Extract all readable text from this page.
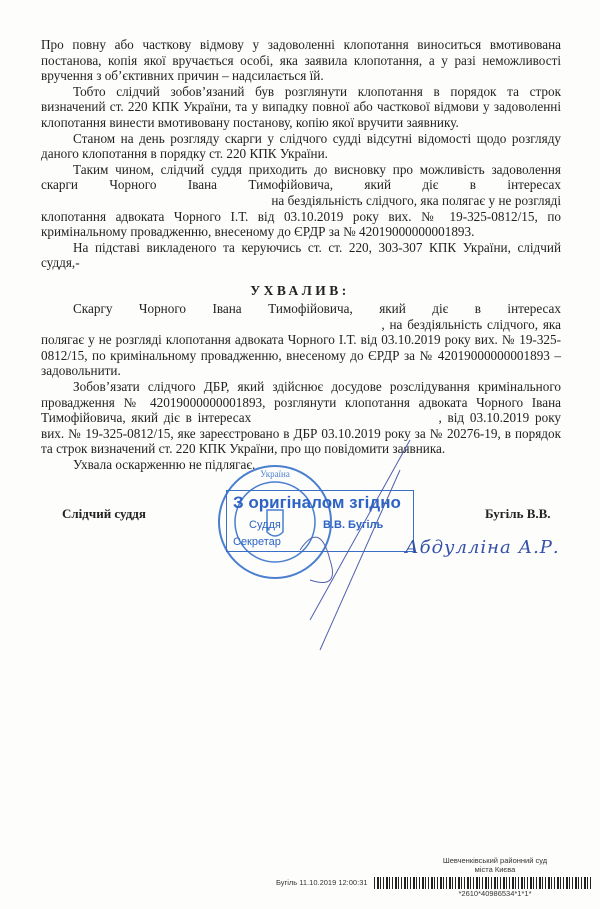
Про повну або часткову відмову у задоволенні клопотання виноситься вмотивована постанова, копія якої вручається особі, яка заявила клопотання, а у разі неможливості вручення з об’єктивних причин – надсилається їй.

Тобто слідчий зобов’язаний був розглянути клопотання в порядок та строк визначений ст. 220 КПК України, та у випадку повної або часткової відмови у задоволенні клопотання винести вмотивовану постанову, копію якої вручити заявнику.

Станом на день розгляду скарги у слідчого судді відсутні відомості щодо розгляду даного клопотання в порядку ст. 220 КПК України.

Таким чином, слідчий суддя приходить до висновку про можливість задоволення скарги Чорного Івана Тимофійовича, який діє в інтересах на бездіяльність слідчого, яка полягає у не розгляді клопотання адвоката Чорного І.Т. від 03.10.2019 року вих. № 19-325-0812/15, по кримінальному провадженню, внесеному до ЄРДР за № 42019000000001893.

На підставі викладеного та керуючись ст. ст. 220, 303-307 КПК України, слідчий суддя,-

УХВАЛИВ:

Скаргу Чорного Івана Тимофійовича, який діє в інтересах , на бездіяльність слідчого, яка полягає у не розгляді клопотання адвоката Чорного І.Т. від 03.10.2019 року вих. № 19-325-0812/15, по кримінальному провадженню, внесеному до ЄРДР за № 42019000000001893 – задовольнити.

Зобов’язати слідчого ДБР, який здійснює досудове розслідування кримінального провадження № 42019000000001893, розглянути клопотання адвоката Чорного Івана Тимофійовича, який діє в інтересах	, від 03.10.2019 року вих. № 19-325-0812/15, яке зареєстровано в ДБР 03.10.2019 року за № 20276-19, в порядок та строк визначений ст. 220 КПК України, про що повідомити заявника.

Ухвала оскарженню не підлягає.

Слідчий суддя	Бугіль В.В.
Україна
З оригіналом згідно
Суддя	В.В. Бугіль
Секретар	Абдулліна А.Р.
Шевченківський районний суд
міста Києва
Бугіль 11.10.2019 12:00:31
*2610*40986534*1*1*
